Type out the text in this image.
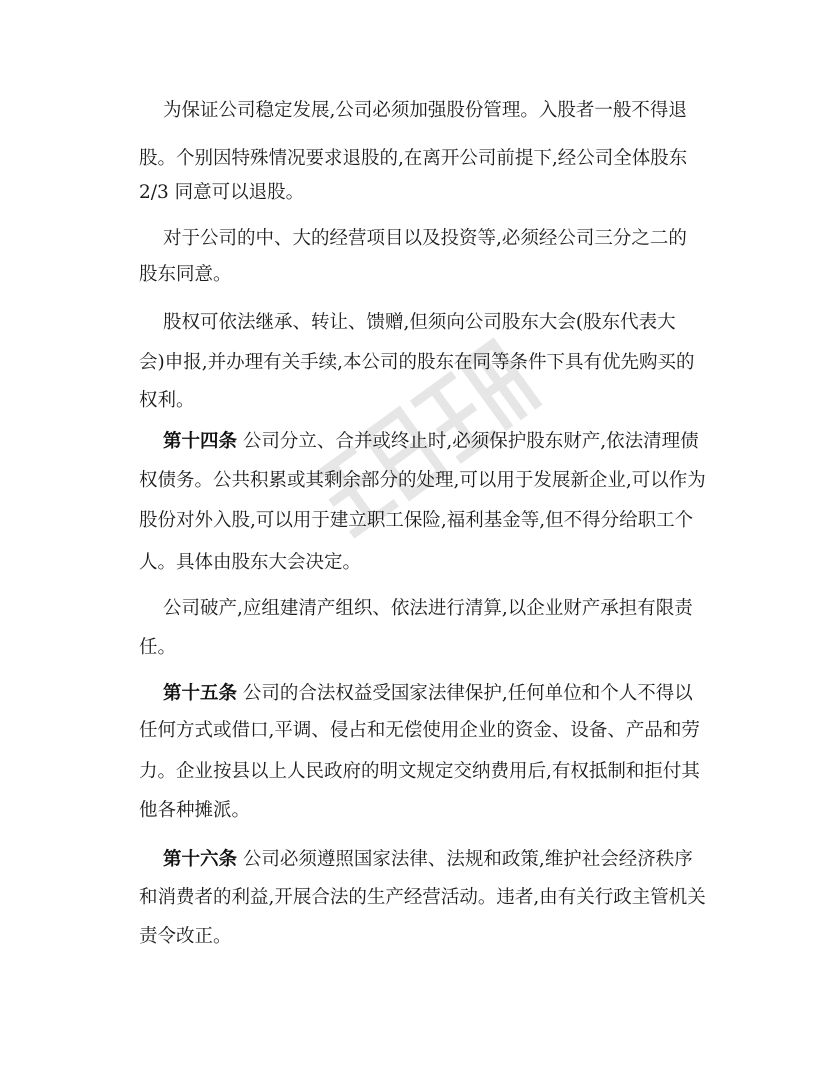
为保证公司稳定发展,公司必须加强股份管理。入股者一般不得退

股。个别因特殊情况要求退股的,在离开公司前提下,经公司全体股东

2/3 同意可以退股。

对于公司的中、大的经营项目以及投资等,必须经公司三分之二的

股东同意。

股权可依法继承、转让、馈赠,但须向公司股东大会(股东代表大

会)申报,并办理有关手续,本公司的股东在同等条件下具有优先购买的

权利。

第十四条 公司分立、合并或终止时,必须保护股东财产,依法清理债

权债务。公共积累或其剩余部分的处理,可以用于发展新企业,可以作为

股份对外入股,可以用于建立职工保险,福利基金等,但不得分给职工个

人。具体由股东大会决定。

公司破产,应组建清产组织、依法进行清算,以企业财产承担有限责

任。

第十五条 公司的合法权益受国家法律保护,任何单位和个人不得以

任何方式或借口,平调、侵占和无偿使用企业的资金、设备、产品和劳

力。企业按县以上人民政府的明文规定交纳费用后,有权抵制和拒付其

他各种摊派。

第十六条 公司必须遵照国家法律、法规和政策,维护社会经济秩序

和消费者的利益,开展合法的生产经营活动。违者,由有关行政主管机关

责令改正。
